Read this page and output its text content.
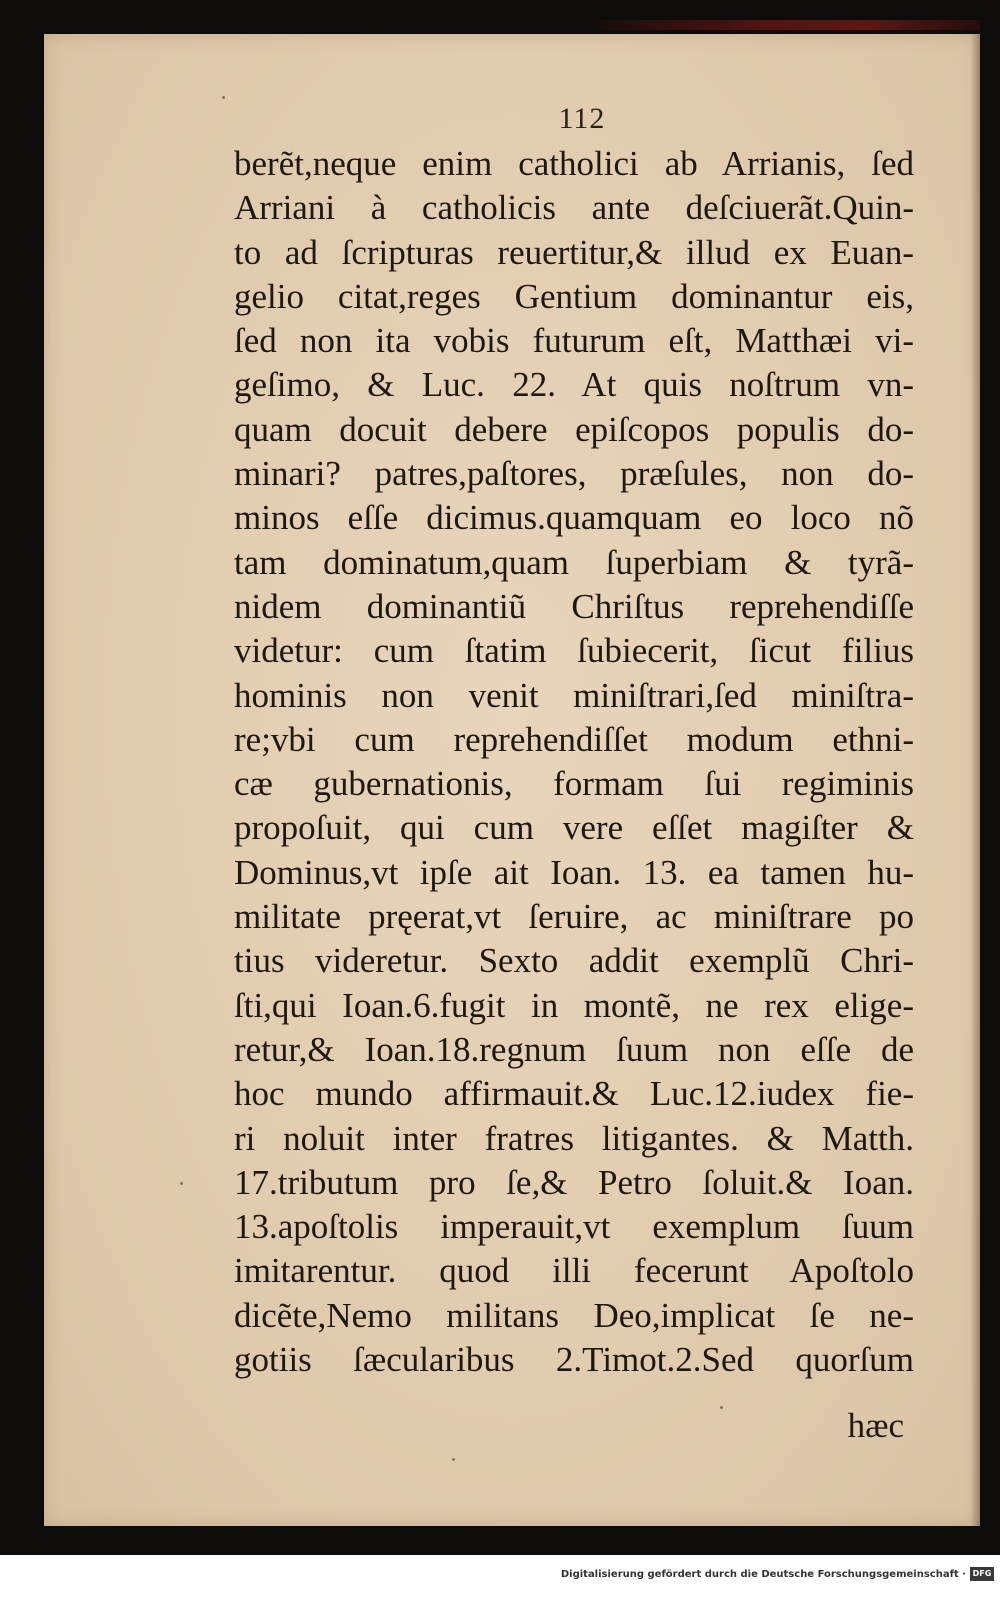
112
berẽt,neque enim catholici ab Arrianis, ſed
Arriani à catholicis ante deſciuerãt.Quin-
to ad ſcripturas reuertitur,& illud ex Euan-
gelio citat,reges Gentium dominantur eis,
ſed non ita vobis futurum eſt, Matthæi vi-
geſimo, & Luc. 22. At quis noſtrum vn-
quam docuit debere epiſcopos populis do-
minari? patres,paſtores, præſules, non do-
minos eſſe dicimus.quamquam eo loco nõ
tam dominatum,quam ſuperbiam & tyrã-
nidem dominantiũ Chriſtus reprehendiſſe
videtur: cum ſtatim ſubiecerit, ſicut filius
hominis non venit miniſtrari,ſed miniſtra-
re;vbi cum reprehendiſſet modum ethni-
cæ gubernationis, formam ſui regiminis
propoſuit, qui cum vere eſſet magiſter &
Dominus,vt ipſe ait Ioan. 13. ea tamen hu-
militate pręerat,vt ſeruire, ac miniſtrare po
tius videretur. Sexto addit exemplũ Chri-
ſti,qui Ioan.6.fugit in montẽ, ne rex elige-
retur,& Ioan.18.regnum ſuum non eſſe de
hoc mundo affirmauit.& Luc.12.iudex fie-
ri noluit inter fratres litigantes. & Matth.
17.tributum pro ſe,& Petro ſoluit.& Ioan.
13.apoſtolis imperauit,vt exemplum ſuum
imitarentur. quod illi fecerunt Apoſtolo
dicẽte,Nemo militans Deo,implicat ſe ne-
gotiis ſæcularibus 2.Timot.2.Sed quorſum
hæc
Digitalisierung gefördert durch die Deutsche Forschungsgemeinschaft · DFG
